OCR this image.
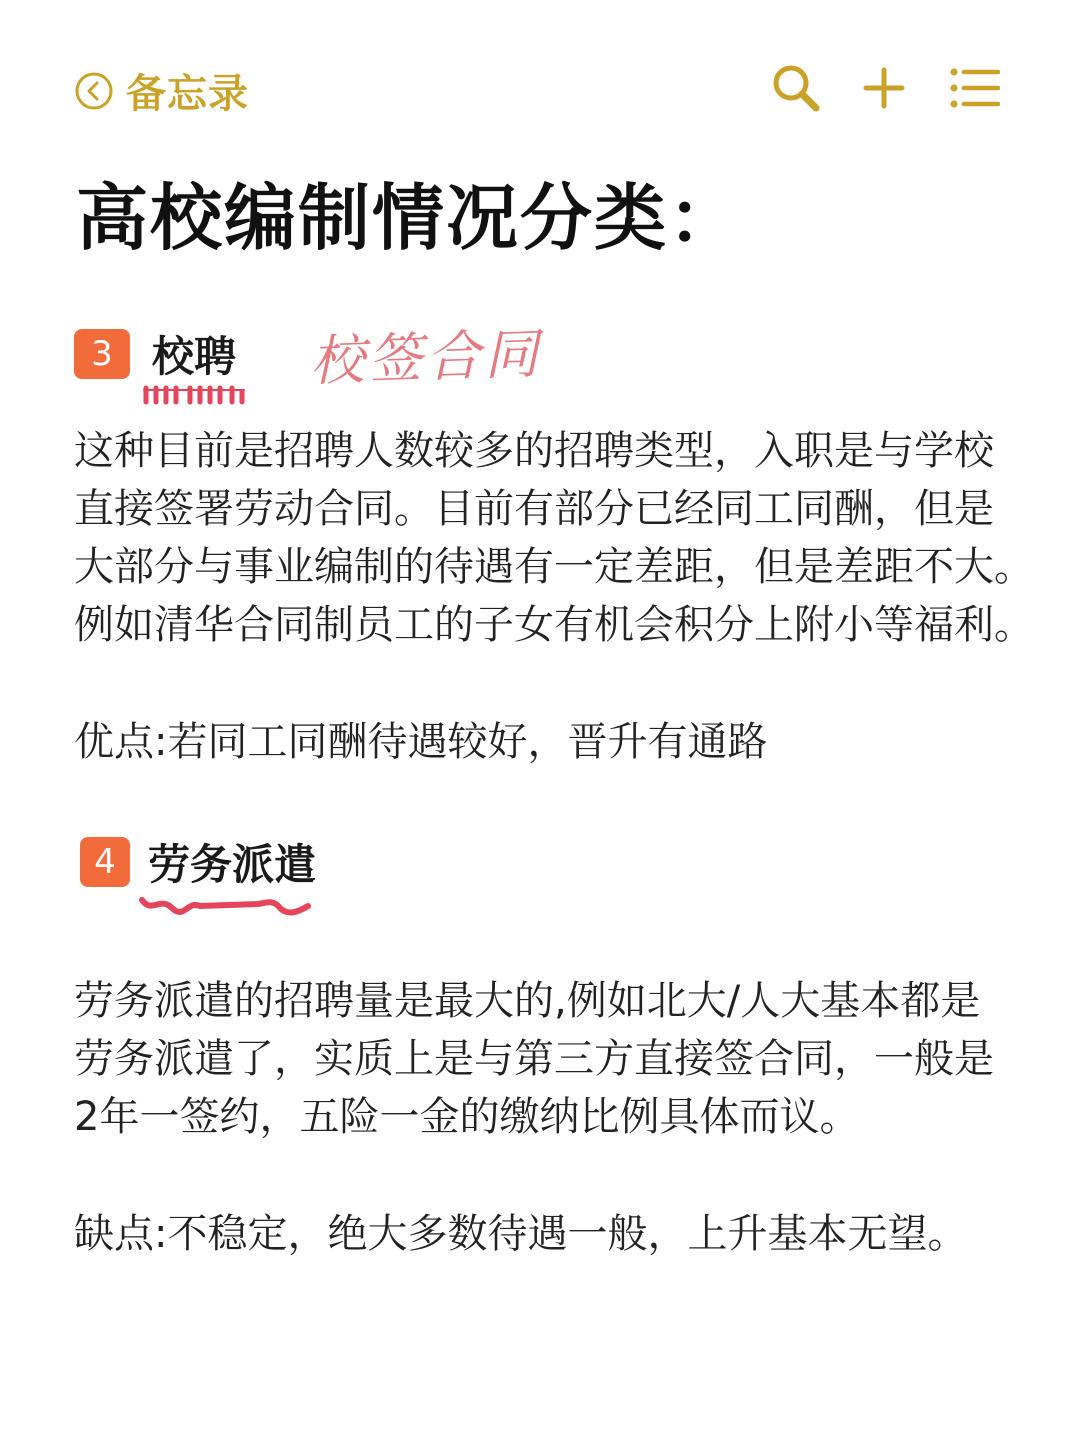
备忘录
高校编制情况分类：
3 校聘 校签合同
这种目前是招聘人数较多的招聘类型，入职是与学校
直接签署劳动合同。目前有部分已经同工同酬，但是
大部分与事业编制的待遇有一定差距，但是差距不大。
例如清华合同制员工的子女有机会积分上附小等福利。
优点:若同工同酬待遇较好，晋升有通路
4 劳务派遣
劳务派遣的招聘量是最大的,例如北大/人大基本都是
劳务派遣了，实质上是与第三方直接签合同，一般是
2年一签约，五险一金的缴纳比例具体而议。
缺点:不稳定，绝大多数待遇一般，上升基本无望。
